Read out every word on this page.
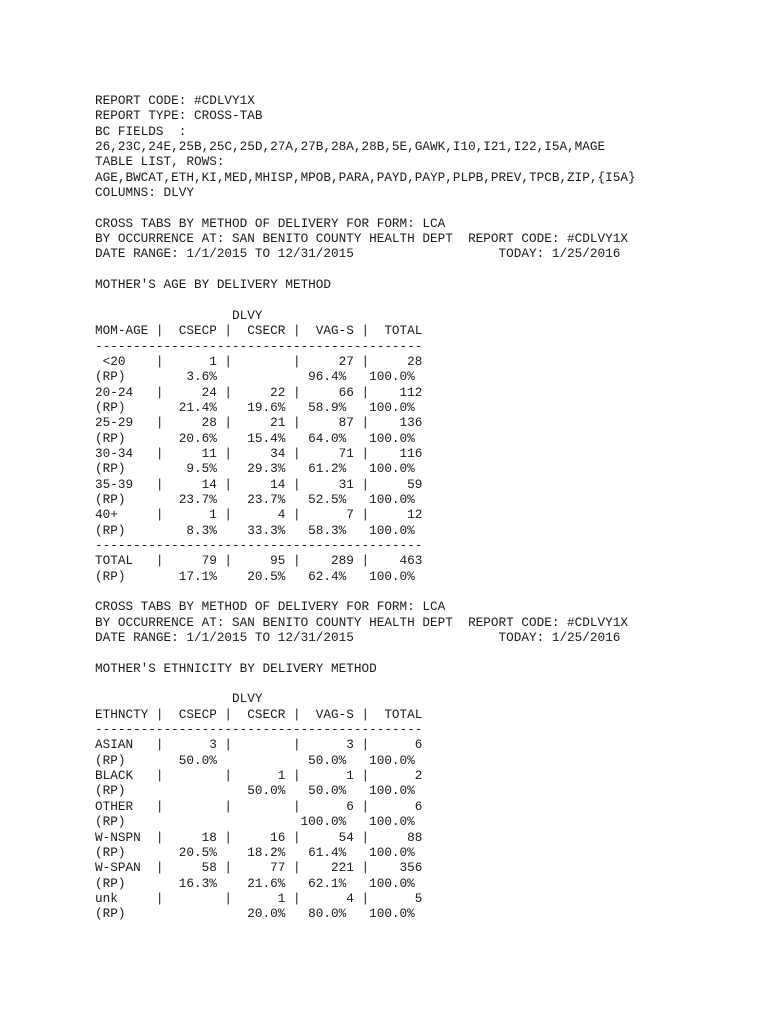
REPORT CODE: #CDLVY1X
REPORT TYPE: CROSS-TAB
BC FIELDS  :
26,23C,24E,25B,25C,25D,27A,27B,28A,28B,5E,GAWK,I10,I21,I22,I5A,MAGE
TABLE LIST, ROWS:
AGE,BWCAT,ETH,KI,MED,MHISP,MPOB,PARA,PAYD,PAYP,PLPB,PREV,TPCB,ZIP,{I5A}
COLUMNS: DLVY

CROSS TABS BY METHOD OF DELIVERY FOR FORM: LCA
BY OCCURRENCE AT: SAN BENITO COUNTY HEALTH DEPT  REPORT CODE: #CDLVY1X
DATE RANGE: 1/1/2015 TO 12/31/2015                   TODAY: 1/25/2016

MOTHER'S AGE BY DELIVERY METHOD

DLVY
MOM-AGE |  CSECP |  CSECR |  VAG-S |  TOTAL
-------------------------------------------
<20    |      1 |        |     27 |     28
(RP)        3.6%            96.4%   100.0%
20-24   |     24 |     22 |     66 |    112
(RP)       21.4%    19.6%   58.9%   100.0%
25-29   |     28 |     21 |     87 |    136
(RP)       20.6%    15.4%   64.0%   100.0%
30-34   |     11 |     34 |     71 |    116
(RP)        9.5%    29.3%   61.2%   100.0%
35-39   |     14 |     14 |     31 |     59
(RP)       23.7%    23.7%   52.5%   100.0%
40+     |      1 |      4 |      7 |     12
(RP)        8.3%    33.3%   58.3%   100.0%
-------------------------------------------
TOTAL   |     79 |     95 |    289 |    463
(RP)       17.1%    20.5%   62.4%   100.0%

CROSS TABS BY METHOD OF DELIVERY FOR FORM: LCA
BY OCCURRENCE AT: SAN BENITO COUNTY HEALTH DEPT  REPORT CODE: #CDLVY1X
DATE RANGE: 1/1/2015 TO 12/31/2015                   TODAY: 1/25/2016

MOTHER'S ETHNICITY BY DELIVERY METHOD

DLVY
ETHNCTY |  CSECP |  CSECR |  VAG-S |  TOTAL
-------------------------------------------
ASIAN   |      3 |        |      3 |      6
(RP)       50.0%            50.0%   100.0%
BLACK   |        |      1 |      1 |      2
(RP)                50.0%   50.0%   100.0%
OTHER   |        |        |      6 |      6
(RP)                       100.0%   100.0%
W-NSPN  |     18 |     16 |     54 |     88
(RP)       20.5%    18.2%   61.4%   100.0%
W-SPAN  |     58 |     77 |    221 |    356
(RP)       16.3%    21.6%   62.1%   100.0%
unk     |        |      1 |      4 |      5
(RP)                20.0%   80.0%   100.0%
